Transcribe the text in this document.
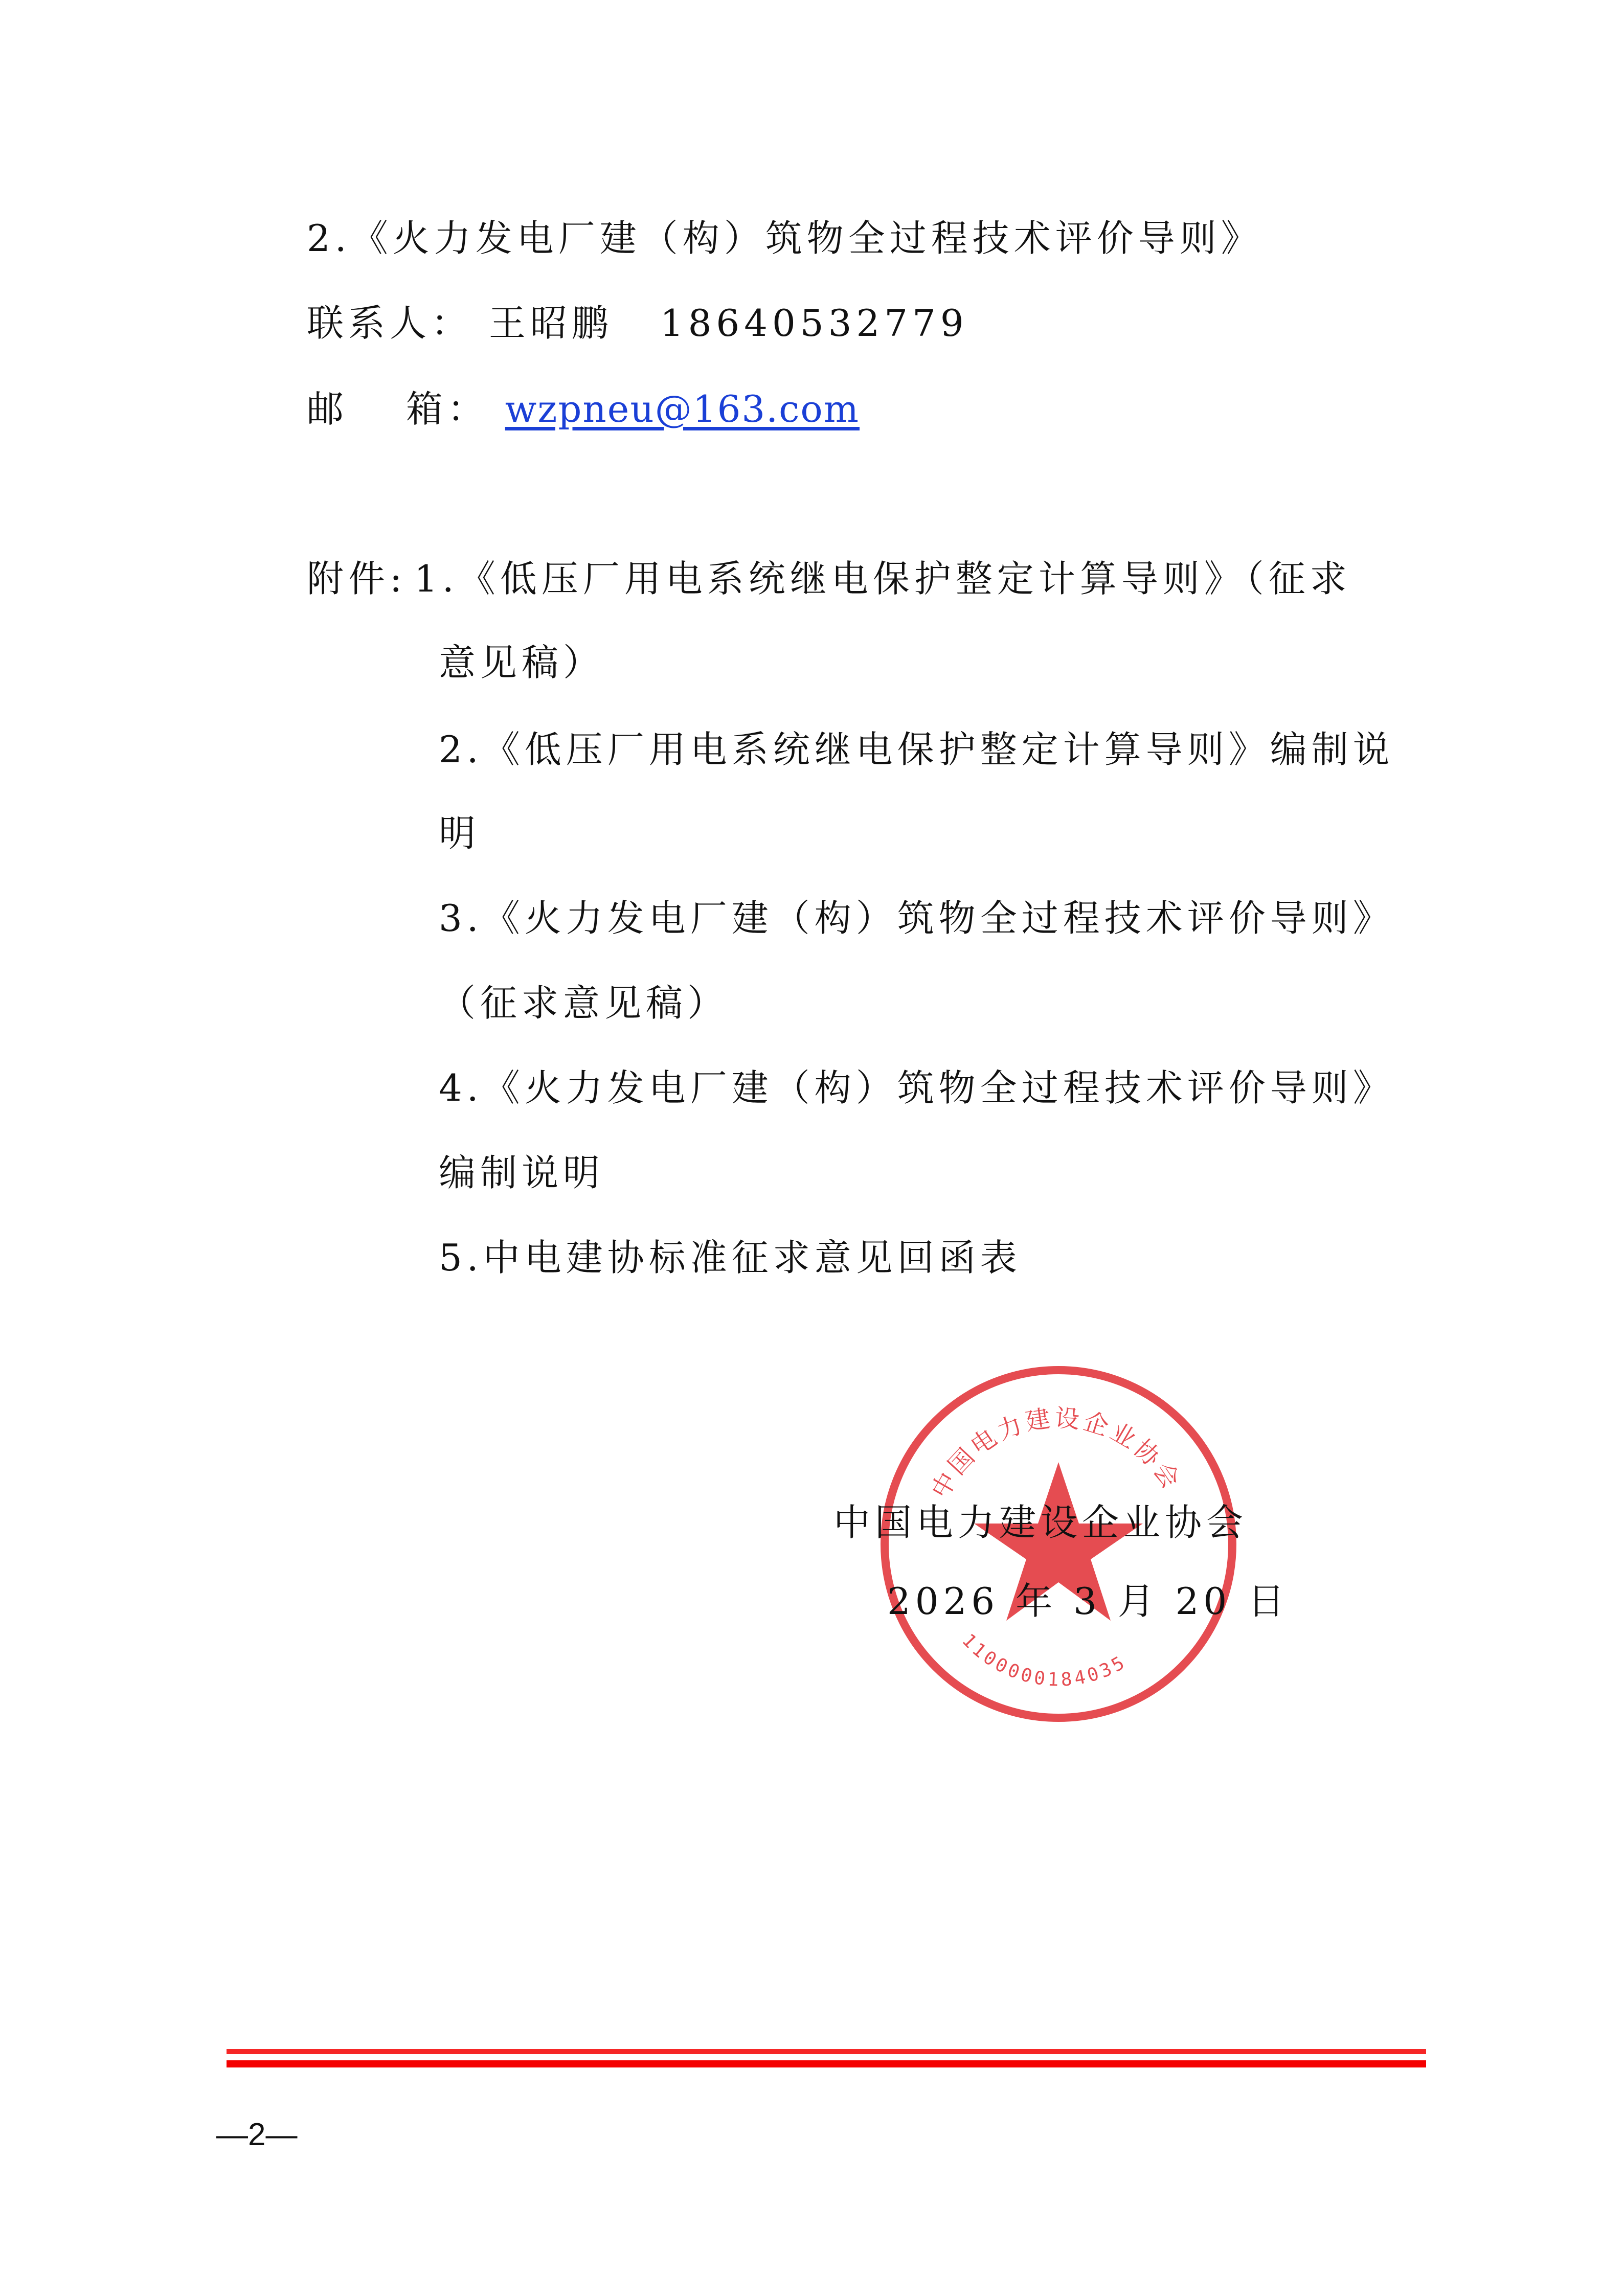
2.《火力发电厂建（构）筑物全过程技术评价导则》
联系人： 王昭鹏 18640532779
邮　 箱： wzpneu@163.com
附件: 1.《低压厂用电系统继电保护整定计算导则》（征求
意见稿）
2.《低压厂用电系统继电保护整定计算导则》编制说
明
3.《火力发电厂建（构）筑物全过程技术评价导则》
（征求意见稿）
4.《火力发电厂建（构）筑物全过程技术评价导则》
编制说明
5.中电建协标准征求意见回函表
中国电力建设企业协会
1100000184035
中国电力建设企业协会
2026 年 3 月 20 日
—2—
